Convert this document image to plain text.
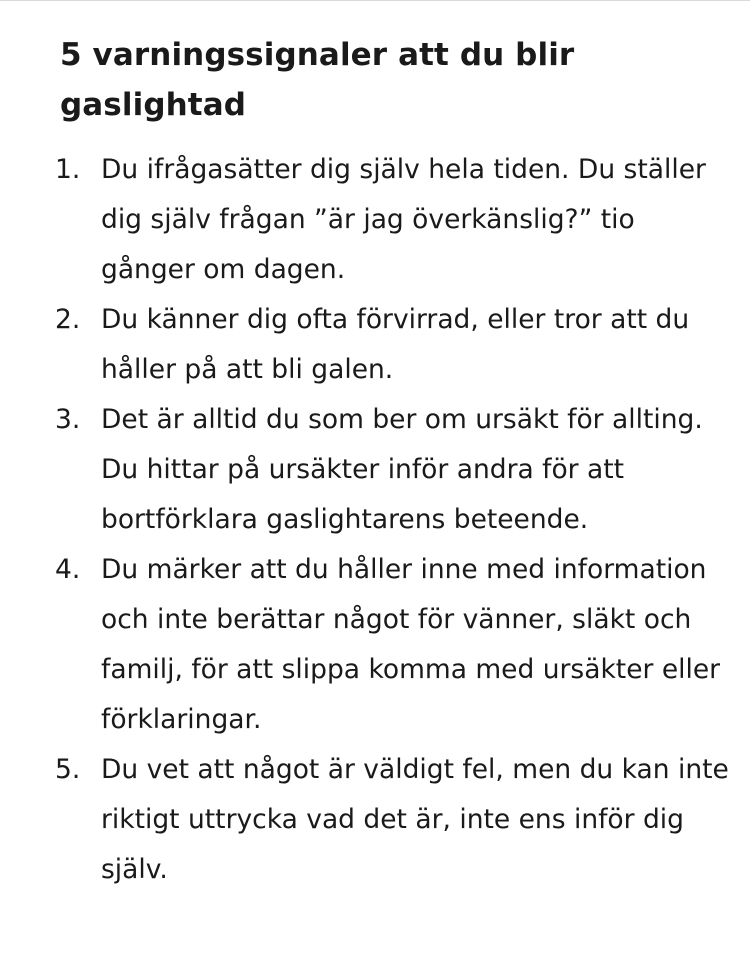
5 varningssignaler att du blir gaslightad
1. Du ifrågasätter dig själv hela tiden. Du ställer dig själv frågan ”är jag överkänslig?” tio gånger om dagen.
2. Du känner dig ofta förvirrad, eller tror att du håller på att bli galen.
3. Det är alltid du som ber om ursäkt för allting. Du hittar på ursäkter inför andra för att bortförklara gaslightarens beteende.
4. Du märker att du håller inne med information och inte berättar något för vänner, släkt och familj, för att slippa komma med ursäkter eller förklaringar.
5. Du vet att något är väldigt fel, men du kan inte riktigt uttrycka vad det är, inte ens inför dig själv.
